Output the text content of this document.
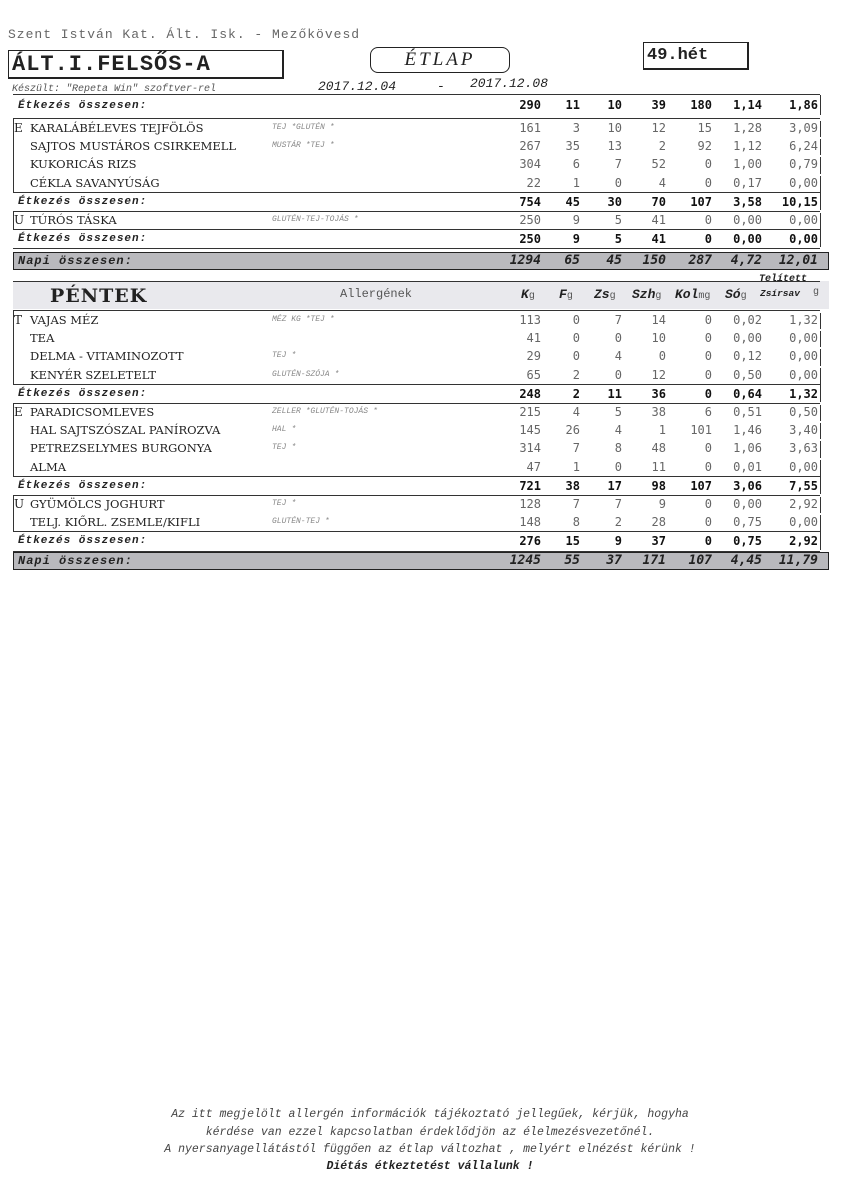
Szent István Kat. Ált. Isk. - Mezőkövesd
ÁLT.I.FELSŐS-A
Készült: "Repeta Win" szoftver-rel
ÉTLAP
2017.12.04	- 2017.12.08
49.hét
Étkezés összesen:	290	11	10	39	180	1,14	1,86
E KARALÁBÉLEVES TEJFÖLÖS	TEJ *GLUTÉN *	161	3	10	12	15	1,28	3,09
SAJTOS MUSTÁROS CSIRKEMELL	MUSTÁR *TEJ *	267	35	13	2	92	1,12	6,24
KUKORICÁS RIZS	304	6	7	52	0	1,00	0,79
CÉKLA SAVANYÚSÁG	22	1	0	4	0	0,17	0,00
Étkezés összesen:	754	45	30	70	107	3,58	10,15
U TÚRÓS TÁSKA	GLUTÉN-TEJ-TOJÁS *	250	9	5	41	0	0,00	0,00
Étkezés összesen:	250	9	5	41	0	0,00	0,00
Napi összesen:	1294	65	45	150	287	4,72	12,01
PÉNTEK	Allergének	Kg Fg Zsg Szhg Kolmg Sóg
Telített
Zsírsav g
T VAJAS MÉZ	MÉZ KG *TEJ *	113	0	7	14	0	0,02	1,32
TEA	41	0	0	10	0	0,00	0,00
DELMA - VITAMINOZOTT	TEJ *	29	0	4	0	0	0,12	0,00
KENYÉR SZELETELT	GLUTÉN-SZÓJA *	65	2	0	12	0	0,50	0,00
Étkezés összesen:	248	2	11	36	0	0,64	1,32
E PARADICSOMLEVES	ZELLER *GLUTÉN-TOJÁS *	215	4	5	38	6	0,51	0,50
HAL SAJTSZÓSZAL PANÍROZVA	HAL *	145	26	4	1	101	1,46	3,40
PETREZSELYMES BURGONYA	TEJ *	314	7	8	48	0	1,06	3,63
ALMA	47	1	0	11	0	0,01	0,00
Étkezés összesen:	721	38	17	98	107	3,06	7,55
U GYÜMÖLCS JOGHURT	TEJ *	128	7	7	9	0	0,00	2,92
TELJ. KIŐRL. ZSEMLE/KIFLI	GLUTÉN-TEJ *	148	8	2	28	0	0,75	0,00
Étkezés összesen:	276	15	9	37	0	0,75	2,92
Napi összesen:	1245	55	37	171	107	4,45	11,79
Az itt megjelölt allergén információk tájékoztató jellegűek, kérjük, hogyha
kérdése van ezzel kapcsolatban érdeklődjön az élelmezésvezetőnél.
A nyersanyagellátástól függően az étlap változhat , melyért elnézést kérünk !
Diétás étkeztetést vállalunk !
